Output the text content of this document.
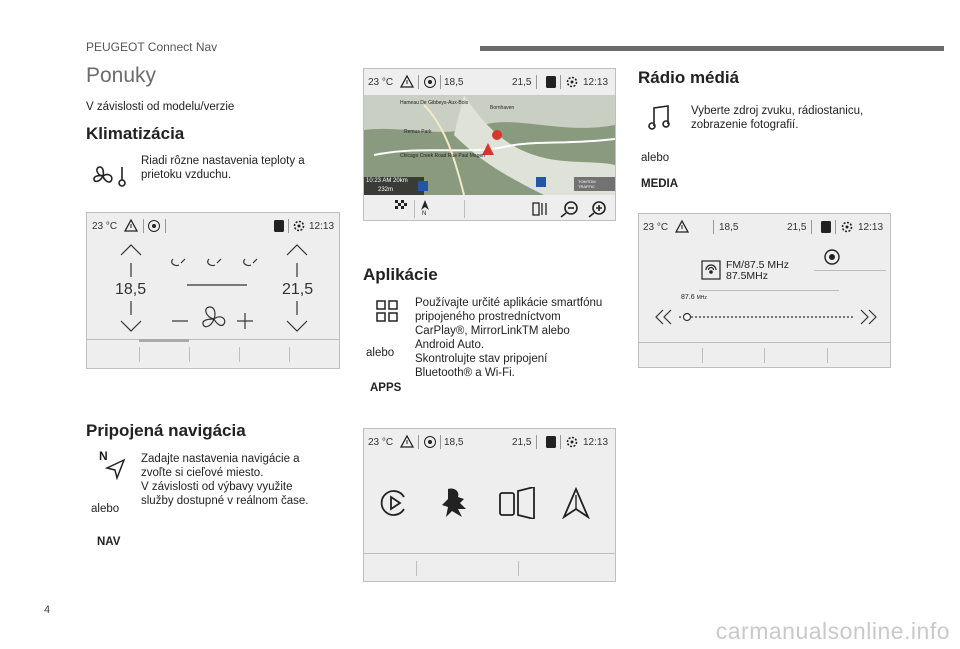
PEUGEOT Connect Nav
Ponuky
V závislosti od modelu/verzie
Klimatizácia
Riadi rôzne nastavenia teploty a
prietoku vzduchu.
23 °C	12:13
18,5	21,5
Pripojená navigácia
N	Zadajte nastavenia navigácie a
zvoľte si cieľové miesto.
V závislosti od výbavy využite
služby dostupné v reálnom čase.
alebo
NAV
23 °C	18,5	21,5	12:13
Hameau De Gibbeys-Aux-Bois
Bornhaven
Remus Park
Chicago Creek Road Rue Paul Magen
10:23 AM 20km
232m
TOMTOM TRAFFIC
N
Aplikácie
Používajte určité aplikácie smartfónu
pripojeného prostredníctvom
CarPlay®, MirrorLinkTM alebo
Android Auto.
Skontrolujte stav pripojení
Bluetooth® a Wi-Fi.
alebo
APPS
23 °C	18,5	21,5	12:13
Rádio médiá
Vyberte zdroj zvuku, rádiostanicu,
zobrazenie fotografií.
alebo
MEDIA
23 °C	18,5	21,5	12:13
FM/87.5 MHz
87.5MHz
87.6 MHz
4
carmanualsonline.info
